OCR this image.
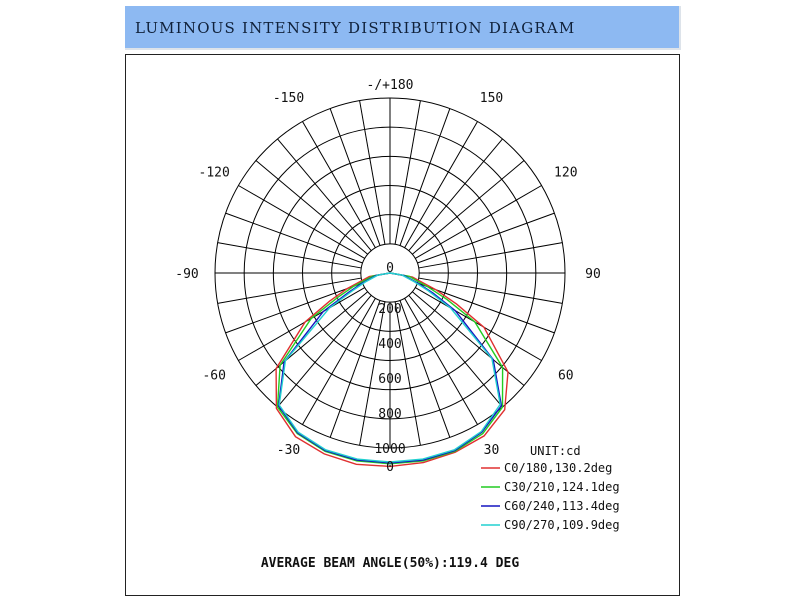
LUMINOUS INTENSITY DISTRIBUTION DIAGRAM
-/+180
150
-150
120
-120
90
-90
60
-60
30
-30
0
0
200
400
600
800
1000	UNIT:cd
C0/180,130.2deg
C30/210,124.1deg
C60/240,113.4deg
C90/270,109.9deg
AVERAGE BEAM ANGLE(50%):119.4 DEG
